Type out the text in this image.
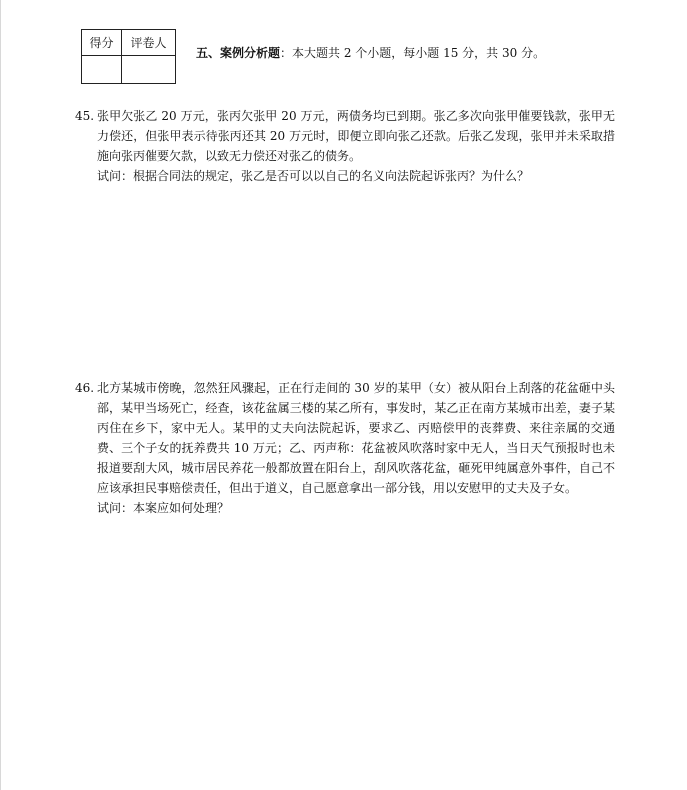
得分	评卷人

五、案例分析题：本大题共 2 个小题，每小题 15 分，共 30 分。
45. 张甲欠张乙 20 万元，张丙欠张甲 20 万元，两债务均已到期。张乙多次向张甲催要钱款，张甲无力偿还，但张甲表示待张丙还其 20 万元时，即便立即向张乙还款。后张乙发现，张甲并未采取措施向张丙催要欠款，以致无力偿还对张乙的债务。
试问：根据合同法的规定，张乙是否可以以自己的名义向法院起诉张丙？为什么？
46. 北方某城市傍晚，忽然狂风骤起，正在行走间的 30 岁的某甲（女）被从阳台上刮落的花盆砸中头部，某甲当场死亡，经查，该花盆属三楼的某乙所有，事发时，某乙正在南方某城市出差，妻子某丙住在乡下，家中无人。某甲的丈夫向法院起诉，要求乙、丙赔偿甲的丧葬费、来往亲属的交通费、三个子女的抚养费共 10 万元；乙、丙声称：花盆被风吹落时家中无人，当日天气预报时也未报道要刮大风，城市居民养花一般都放置在阳台上，刮风吹落花盆，砸死甲纯属意外事件，自己不应该承担民事赔偿责任，但出于道义，自己愿意拿出一部分钱，用以安慰甲的丈夫及子女。
试问：本案应如何处理？
